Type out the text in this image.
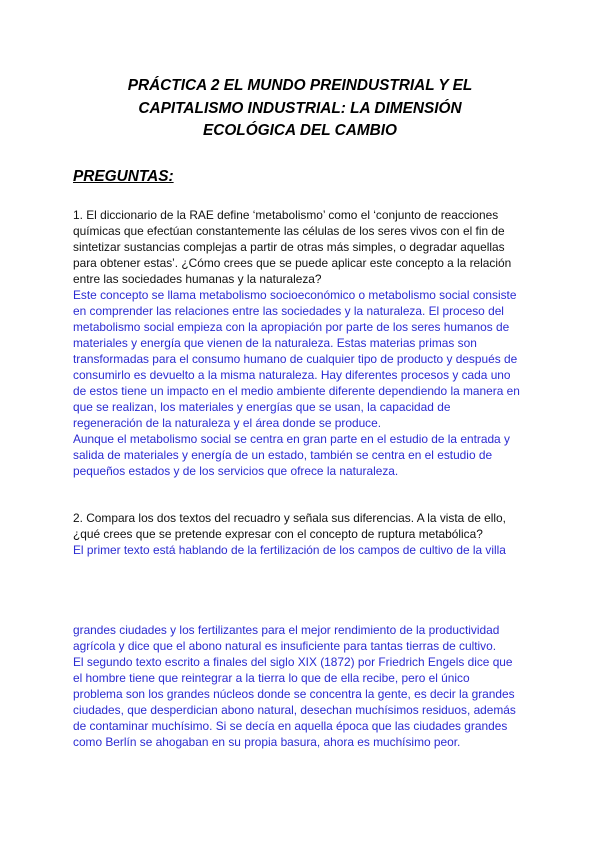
PRÁCTICA 2 EL MUNDO PREINDUSTRIAL Y EL
CAPITALISMO INDUSTRIAL: LA DIMENSIÓN
ECOLÓGICA DEL CAMBIO
PREGUNTAS:
1. El diccionario de la RAE define ‘metabolismo’ como el ‘conjunto de reacciones
químicas que efectúan constantemente las células de los seres vivos con el fin de
sintetizar sustancias complejas a partir de otras más simples, o degradar aquellas
para obtener estas’. ¿Cómo crees que se puede aplicar este concepto a la relación
entre las sociedades humanas y la naturaleza?
Este concepto se llama metabolismo socioeconómico o metabolismo social consiste
en comprender las relaciones entre las sociedades y la naturaleza. El proceso del
metabolismo social empieza con la apropiación por parte de los seres humanos de
materiales y energía que vienen de la naturaleza. Estas materias primas son
transformadas para el consumo humano de cualquier tipo de producto y después de
consumirlo es devuelto a la misma naturaleza. Hay diferentes procesos y cada uno
de estos tiene un impacto en el medio ambiente diferente dependiendo la manera en
que se realizan, los materiales y energías que se usan, la capacidad de
regeneración de la naturaleza y el área donde se produce.
Aunque el metabolismo social se centra en gran parte en el estudio de la entrada y
salida de materiales y energía de un estado, también se centra en el estudio de
pequeños estados y de los servicios que ofrece la naturaleza.
2. Compara los dos textos del recuadro y señala sus diferencias. A la vista de ello,
¿qué crees que se pretende expresar con el concepto de ruptura metabólica?
El primer texto está hablando de la fertilización de los campos de cultivo de la villa
grandes ciudades y los fertilizantes para el mejor rendimiento de la productividad
agrícola y dice que el abono natural es insuficiente para tantas tierras de cultivo.
El segundo texto escrito a finales del siglo XIX (1872) por Friedrich Engels dice que
el hombre tiene que reintegrar a la tierra lo que de ella recibe, pero el único
problema son los grandes núcleos donde se concentra la gente, es decir la grandes
ciudades, que desperdician abono natural, desechan muchísimos residuos, además
de contaminar muchísimo. Si se decía en aquella época que las ciudades grandes
como Berlín se ahogaban en su propia basura, ahora es muchísimo peor.
